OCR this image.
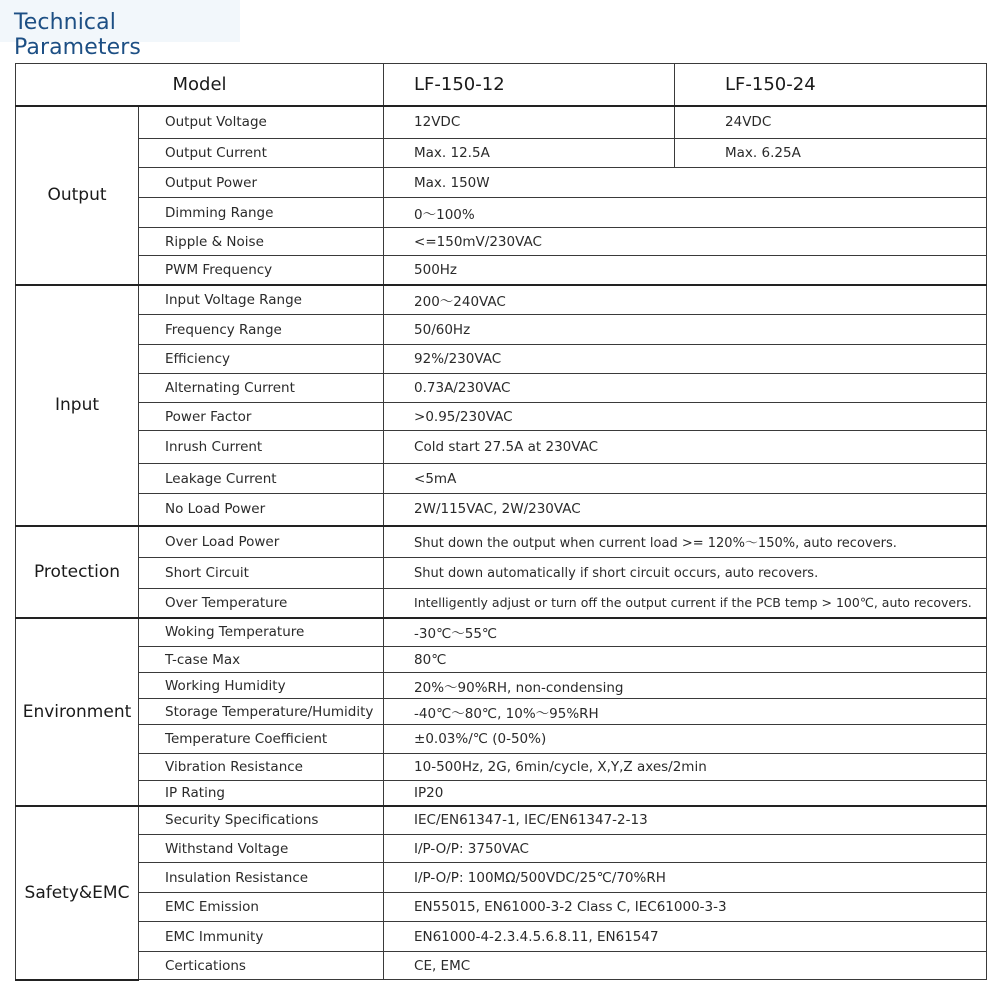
Technical Parameters
Model		LF-150-12	LF-150-24
Output	Output Voltage	12VDC	24VDC
	Output Current	Max. 12.5A	Max. 6.25A
	Output Power	Max. 150W	
	Dimming Range	0～100%	
	Ripple & Noise	<=150mV/230VAC	
	PWM Frequency	500Hz	
Input	Input Voltage Range	200～240VAC	
	Frequency Range	50/60Hz	
	Efficiency	92%/230VAC	
	Alternating Current	0.73A/230VAC	
	Power Factor	>0.95/230VAC	
	Inrush Current	Cold start 27.5A at 230VAC	
	Leakage Current	<5mA	
	No Load Power	2W/115VAC, 2W/230VAC	
Protection	Over Load Power	Shut down the output when current load >= 120%～150%, auto recovers.	
	Short Circuit	Shut down automatically if short circuit occurs, auto recovers.	
	Over Temperature	Intelligently adjust or turn off the output current if the PCB temp > 100℃, auto recovers.	
Environment	Woking Temperature	-30℃～55℃	
	T-case Max	80℃	
	Working Humidity	20%～90%RH, non-condensing	
	Storage Temperature/Humidity	-40℃～80℃, 10%～95%RH	
	Temperature Coefficient	±0.03%/℃ (0-50%)	
	Vibration Resistance	10-500Hz, 2G, 6min/cycle, X,Y,Z axes/2min	
	IP Rating	IP20	
Safety&EMC	Security Specifications	IEC/EN61347-1, IEC/EN61347-2-13	
	Withstand Voltage	I/P-O/P: 3750VAC	
	Insulation Resistance	I/P-O/P: 100MΩ/500VDC/25℃/70%RH	
	EMC Emission	EN55015, EN61000-3-2 Class C, IEC61000-3-3	
	EMC Immunity	EN61000-4-2.3.4.5.6.8.11, EN61547	
	Certications	CE, EMC	
